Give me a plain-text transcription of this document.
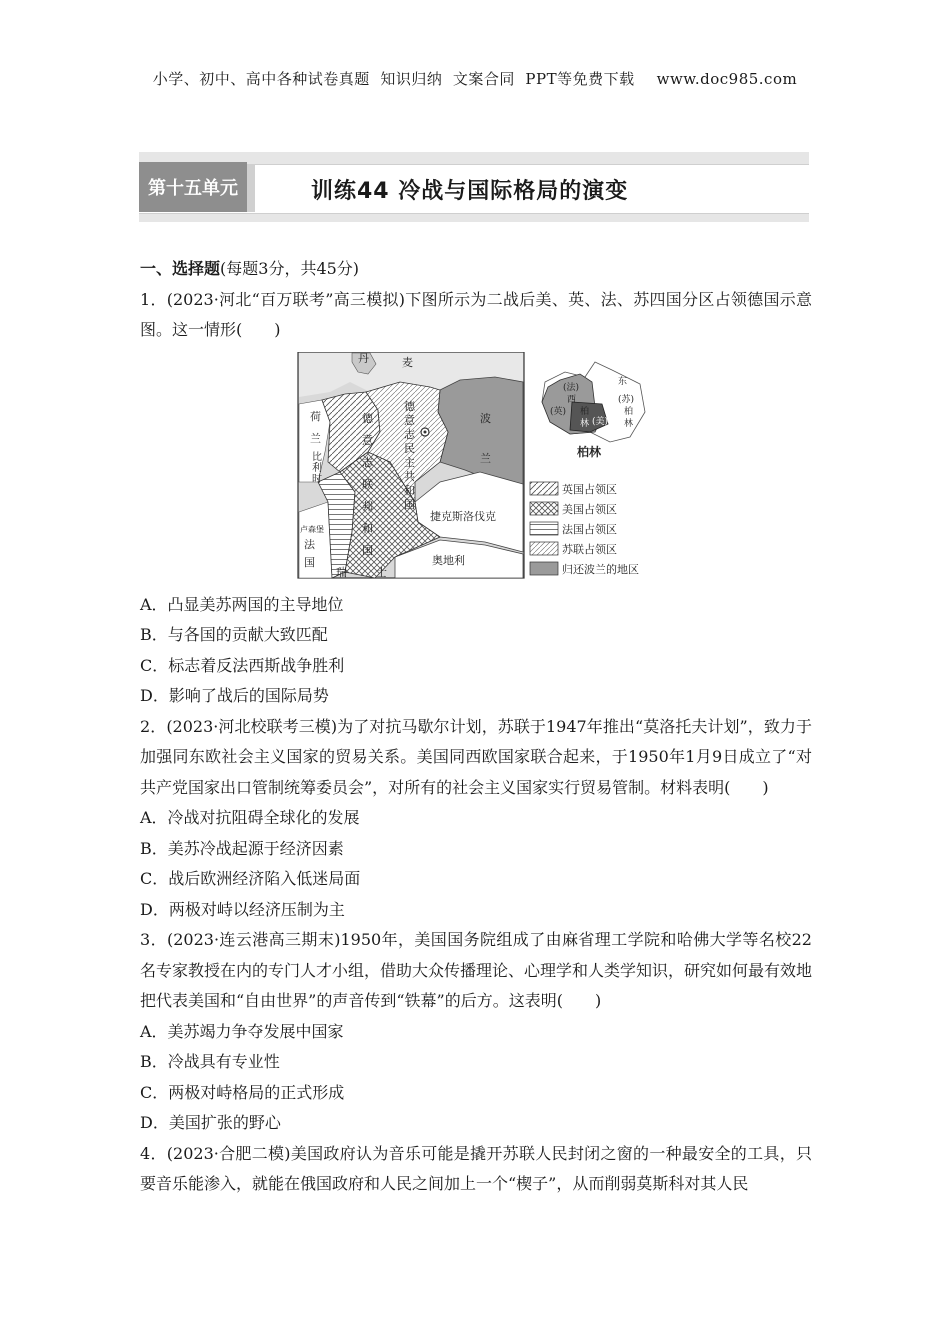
小学、初中、高中各种试卷真题  知识归纳  文案合同  PPT等免费下载 www.doc985.com
第十五单元	训练44 冷战与国际格局的演变

一、选择题(每题3分，共45分)

1．(2023·河北“百万联考”高三模拟)下图所示为二战后美、英、法、苏四国分区占领德国示意图。这一情形(　　)

丹	麦
荷
兰
比
利
时
卢森堡
法
国
德
意
志
联
邦
和
国
德
意
志
民
主
共
和
国
波
兰
捷克斯洛伐克
奥地利
瑞	士
(法)
西
(英) 柏
林 (美)
东
(苏)
柏
林
柏林
英国占领区
美国占领区
法国占领区
苏联占领区
归还波兰的地区

A．凸显美苏两国的主导地位

B．与各国的贡献大致匹配

C．标志着反法西斯战争胜利

D．影响了战后的国际局势

2．(2023·河北校联考三模)为了对抗马歇尔计划，苏联于1947年推出“莫洛托夫计划”，致力于加强同东欧社会主义国家的贸易关系。美国同西欧国家联合起来，于1950年1月9日成立了“对共产党国家出口管制统筹委员会”，对所有的社会主义国家实行贸易管制。材料表明(　　)

A．冷战对抗阻碍全球化的发展

B．美苏冷战起源于经济因素

C．战后欧洲经济陷入低迷局面

D．两极对峙以经济压制为主

3．(2023·连云港高三期末)1950年，美国国务院组成了由麻省理工学院和哈佛大学等名校22名专家教授在内的专门人才小组，借助大众传播理论、心理学和人类学知识，研究如何最有效地把代表美国和“自由世界”的声音传到“铁幕”的后方。这表明(　　)

A．美苏竭力争夺发展中国家

B．冷战具有专业性

C．两极对峙格局的正式形成

D．美国扩张的野心

4．(2023·合肥二模)美国政府认为音乐可能是撬开苏联人民封闭之窗的一种最安全的工具，只要音乐能渗入，就能在俄国政府和人民之间加上一个“楔子”，从而削弱莫斯科对其人民
